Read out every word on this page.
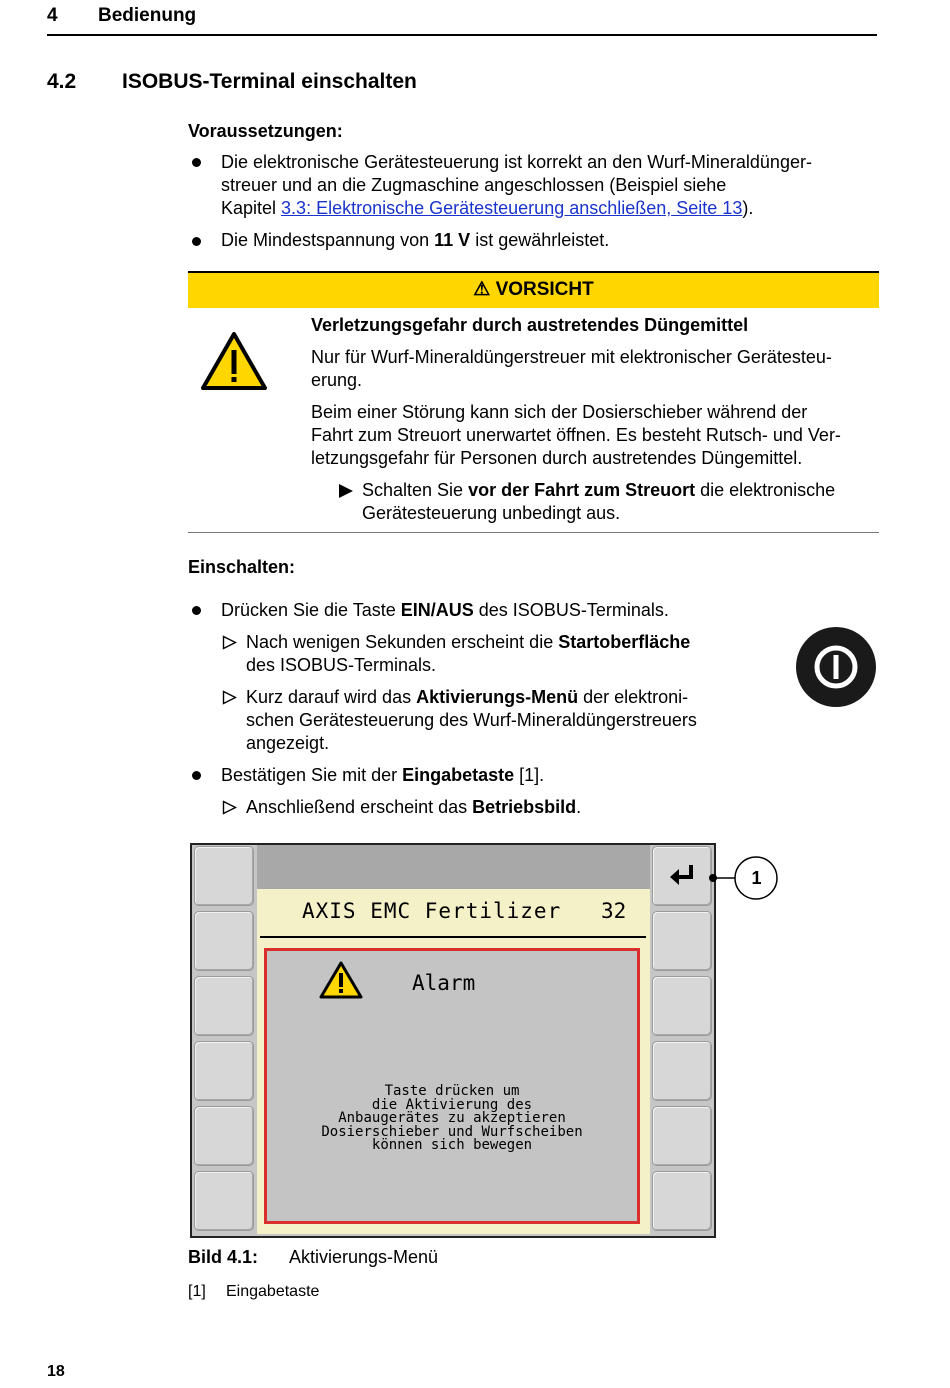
4 Bedienung
4.2 ISOBUS-Terminal einschalten
Voraussetzungen:
Die elektronische Gerätesteuerung ist korrekt an den Wurf-Mineraldünger-
streuer und an die Zugmaschine angeschlossen (Beispiel siehe
Kapitel 3.3: Elektronische Gerätesteuerung anschließen, Seite 13).
Die Mindestspannung von 11 V ist gewährleistet.
⚠ VORSICHT
Verletzungsgefahr durch austretendes Düngemittel
Nur für Wurf-Mineraldüngerstreuer mit elektronischer Gerätesteu-
erung.
Beim einer Störung kann sich der Dosierschieber während der
Fahrt zum Streuort unerwartet öffnen. Es besteht Rutsch- und Ver-
letzungsgefahr für Personen durch austretendes Düngemittel.
Schalten Sie vor der Fahrt zum Streuort die elektronische
Gerätesteuerung unbedingt aus.
Einschalten:
Drücken Sie die Taste EIN/AUS des ISOBUS-Terminals.
Nach wenigen Sekunden erscheint die Startoberfläche
des ISOBUS-Terminals.
Kurz darauf wird das Aktivierungs-Menü der elektroni-
schen Gerätesteuerung des Wurf-Mineraldüngerstreuers
angezeigt.
Bestätigen Sie mit der Eingabetaste [1].
Anschließend erscheint das Betriebsbild.
AXIS EMC Fertilizer 32
Alarm
Taste drücken um
die Aktivierung des
Anbaugerätes zu akzeptieren
Dosierschieber und Wurfscheiben
können sich bewegen
1
Bild 4.1: Aktivierungs-Menü
[1] Eingabetaste
18
